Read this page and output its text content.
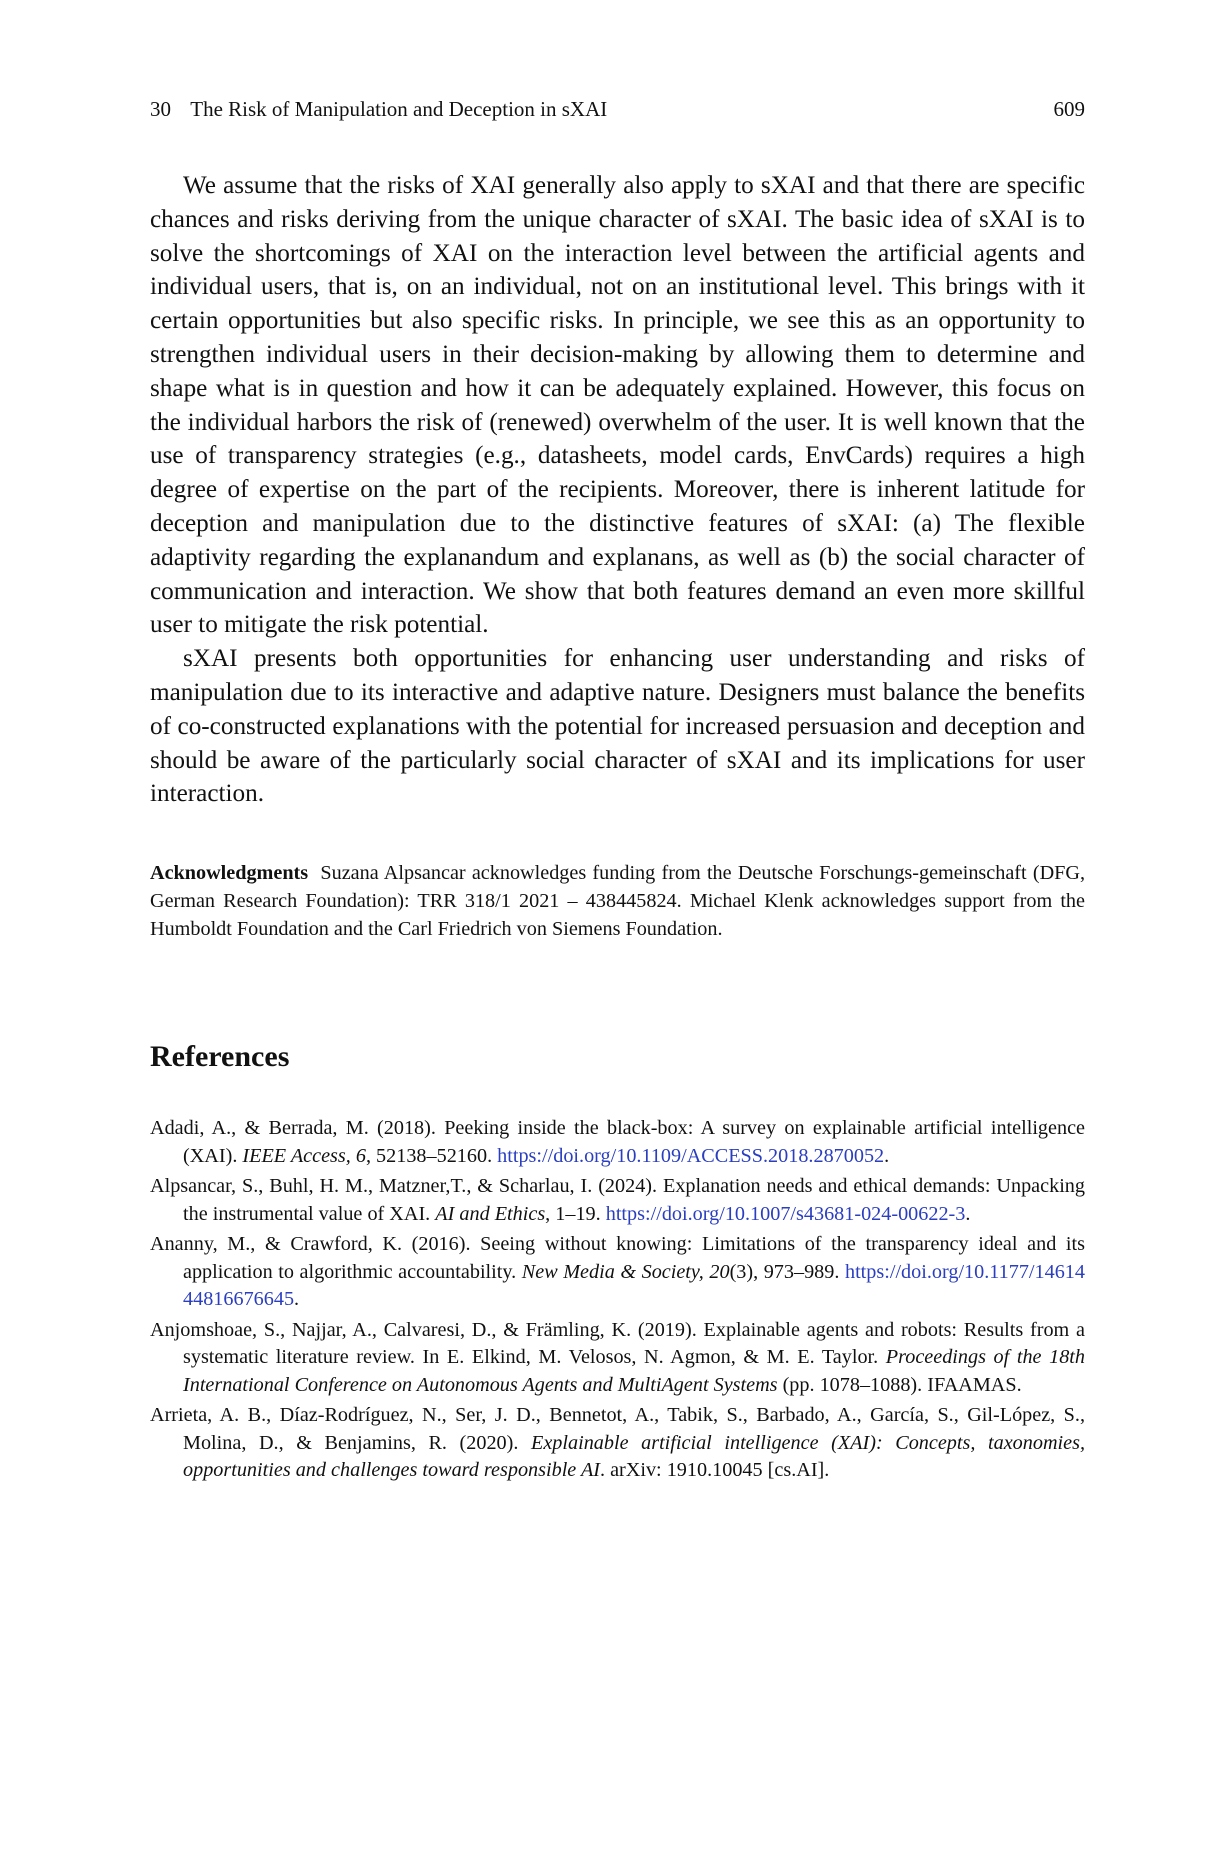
30 The Risk of Manipulation and Deception in sXAI	609

We assume that the risks of XAI generally also apply to sXAI and that there are specific chances and risks deriving from the unique character of sXAI. The basic idea of sXAI is to solve the shortcomings of XAI on the interaction level between the artificial agents and individual users, that is, on an individual, not on an institutional level. This brings with it certain opportunities but also specific risks. In principle, we see this as an opportunity to strengthen individual users in their decision-making by allowing them to determine and shape what is in question and how it can be adequately explained. However, this focus on the individual harbors the risk of (renewed) overwhelm of the user. It is well known that the use of transparency strategies (e.g., datasheets, model cards, EnvCards) requires a high degree of expertise on the part of the recipients. Moreover, there is inherent latitude for deception and manipulation due to the distinctive features of sXAI: (a) The flexible adaptivity regarding the explanandum and explanans, as well as (b) the social character of communication and interaction. We show that both features demand an even more skillful user to mitigate the risk potential.

sXAI presents both opportunities for enhancing user understanding and risks of manipulation due to its interactive and adaptive nature. Designers must balance the benefits of co-constructed explanations with the potential for increased persuasion and deception and should be aware of the particularly social character of sXAI and its implications for user interaction.

Acknowledgments Suzana Alpsancar acknowledges funding from the Deutsche Forschungs-gemeinschaft (DFG, German Research Foundation): TRR 318/1 2021 – 438445824. Michael Klenk acknowledges support from the Humboldt Foundation and the Carl Friedrich von Siemens Foundation.
References
Adadi, A., & Berrada, M. (2018). Peeking inside the black-box: A survey on explainable artificial intelligence (XAI). IEEE Access, 6, 52138–52160. https://doi.org/10.1109/ACCESS.2018.2870052.
Alpsancar, S., Buhl, H. M., Matzner,T., & Scharlau, I. (2024). Explanation needs and ethical demands: Unpacking the instrumental value of XAI. AI and Ethics, 1–19. https://doi.org/10.1007/s43681-024-00622-3.
Ananny, M., & Crawford, K. (2016). Seeing without knowing: Limitations of the transparency ideal and its application to algorithmic accountability. New Media & Society, 20(3), 973–989. https://doi.org/10.1177/1461444816676645.
Anjomshoae, S., Najjar, A., Calvaresi, D., & Främling, K. (2019). Explainable agents and robots: Results from a systematic literature review. In E. Elkind, M. Velosos, N. Agmon, & M. E. Taylor. Proceedings of the 18th International Conference on Autonomous Agents and MultiAgent Systems (pp. 1078–1088). IFAAMAS.
Arrieta, A. B., Díaz-Rodríguez, N., Ser, J. D., Bennetot, A., Tabik, S., Barbado, A., García, S., Gil-López, S., Molina, D., & Benjamins, R. (2020). Explainable artificial intelligence (XAI): Concepts, taxonomies, opportunities and challenges toward responsible AI. arXiv: 1910.10045 [cs.AI].
